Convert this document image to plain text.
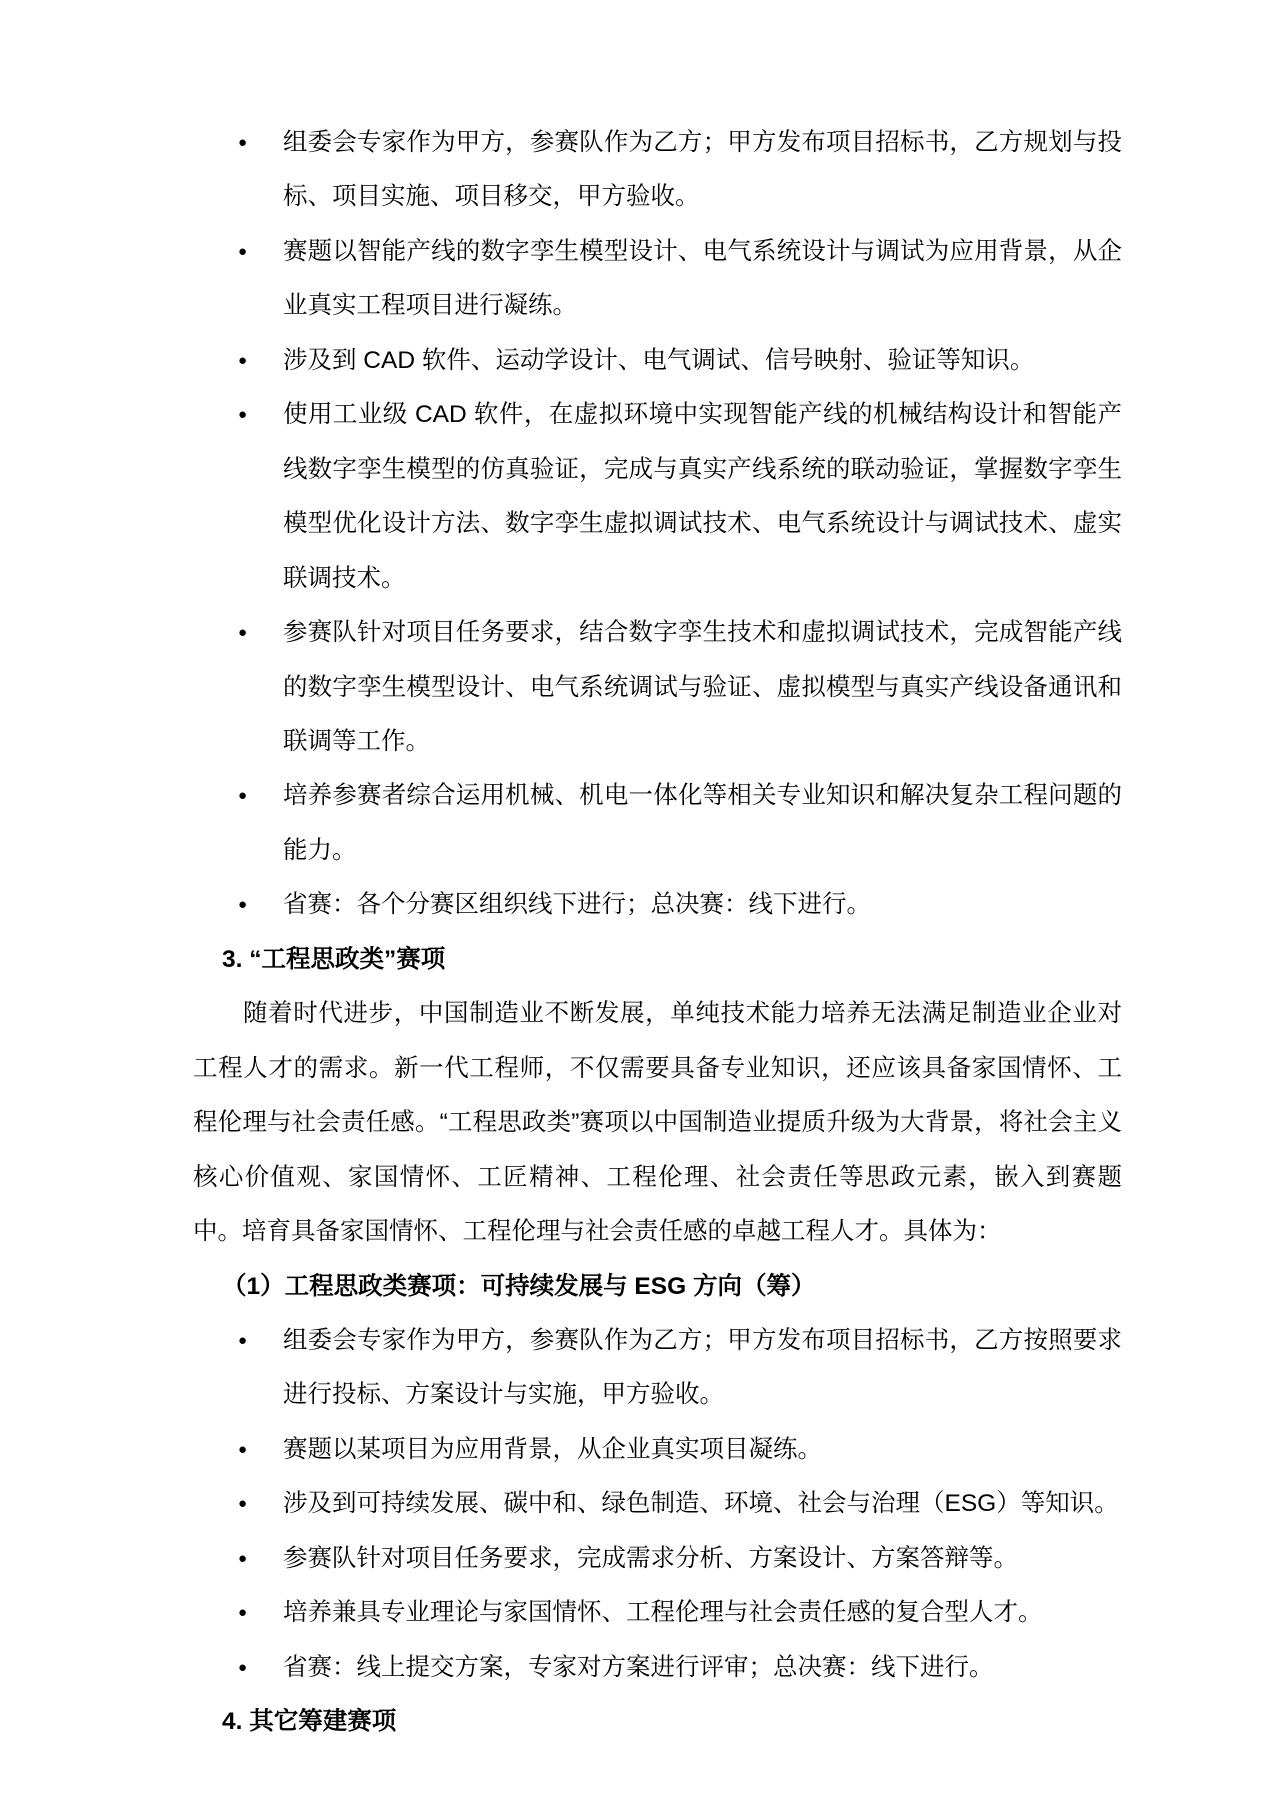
● 组委会专家作为甲方，参赛队作为乙方；甲方发布项目招标书，乙方规划与投标、项目实施、项目移交，甲方验收。
● 赛题以智能产线的数字孪生模型设计、电气系统设计与调试为应用背景，从企业真实工程项目进行凝练。
● 涉及到 CAD 软件、运动学设计、电气调试、信号映射、验证等知识。
● 使用工业级 CAD 软件，在虚拟环境中实现智能产线的机械结构设计和智能产线数字孪生模型的仿真验证，完成与真实产线系统的联动验证，掌握数字孪生模型优化设计方法、数字孪生虚拟调试技术、电气系统设计与调试技术、虚实联调技术。
● 参赛队针对项目任务要求，结合数字孪生技术和虚拟调试技术，完成智能产线的数字孪生模型设计、电气系统调试与验证、虚拟模型与真实产线设备通讯和联调等工作。
● 培养参赛者综合运用机械、机电一体化等相关专业知识和解决复杂工程问题的能力。
● 省赛：各个分赛区组织线下进行；总决赛：线下进行。
3. “工程思政类”赛项
随着时代进步，中国制造业不断发展，单纯技术能力培养无法满足制造业企业对工程人才的需求。新一代工程师，不仅需要具备专业知识，还应该具备家国情怀、工程伦理与社会责任感。“工程思政类”赛项以中国制造业提质升级为大背景，将社会主义核心价值观、家国情怀、工匠精神、工程伦理、社会责任等思政元素，嵌入到赛题中。培育具备家国情怀、工程伦理与社会责任感的卓越工程人才。具体为：
（1）工程思政类赛项：可持续发展与 ESG 方向（筹）
● 组委会专家作为甲方，参赛队作为乙方；甲方发布项目招标书，乙方按照要求进行投标、方案设计与实施，甲方验收。
● 赛题以某项目为应用背景，从企业真实项目凝练。
● 涉及到可持续发展、碳中和、绿色制造、环境、社会与治理（ESG）等知识。
● 参赛队针对项目任务要求，完成需求分析、方案设计、方案答辩等。
● 培养兼具专业理论与家国情怀、工程伦理与社会责任感的复合型人才。
● 省赛：线上提交方案，专家对方案进行评审；总决赛：线下进行。
4. 其它筹建赛项
